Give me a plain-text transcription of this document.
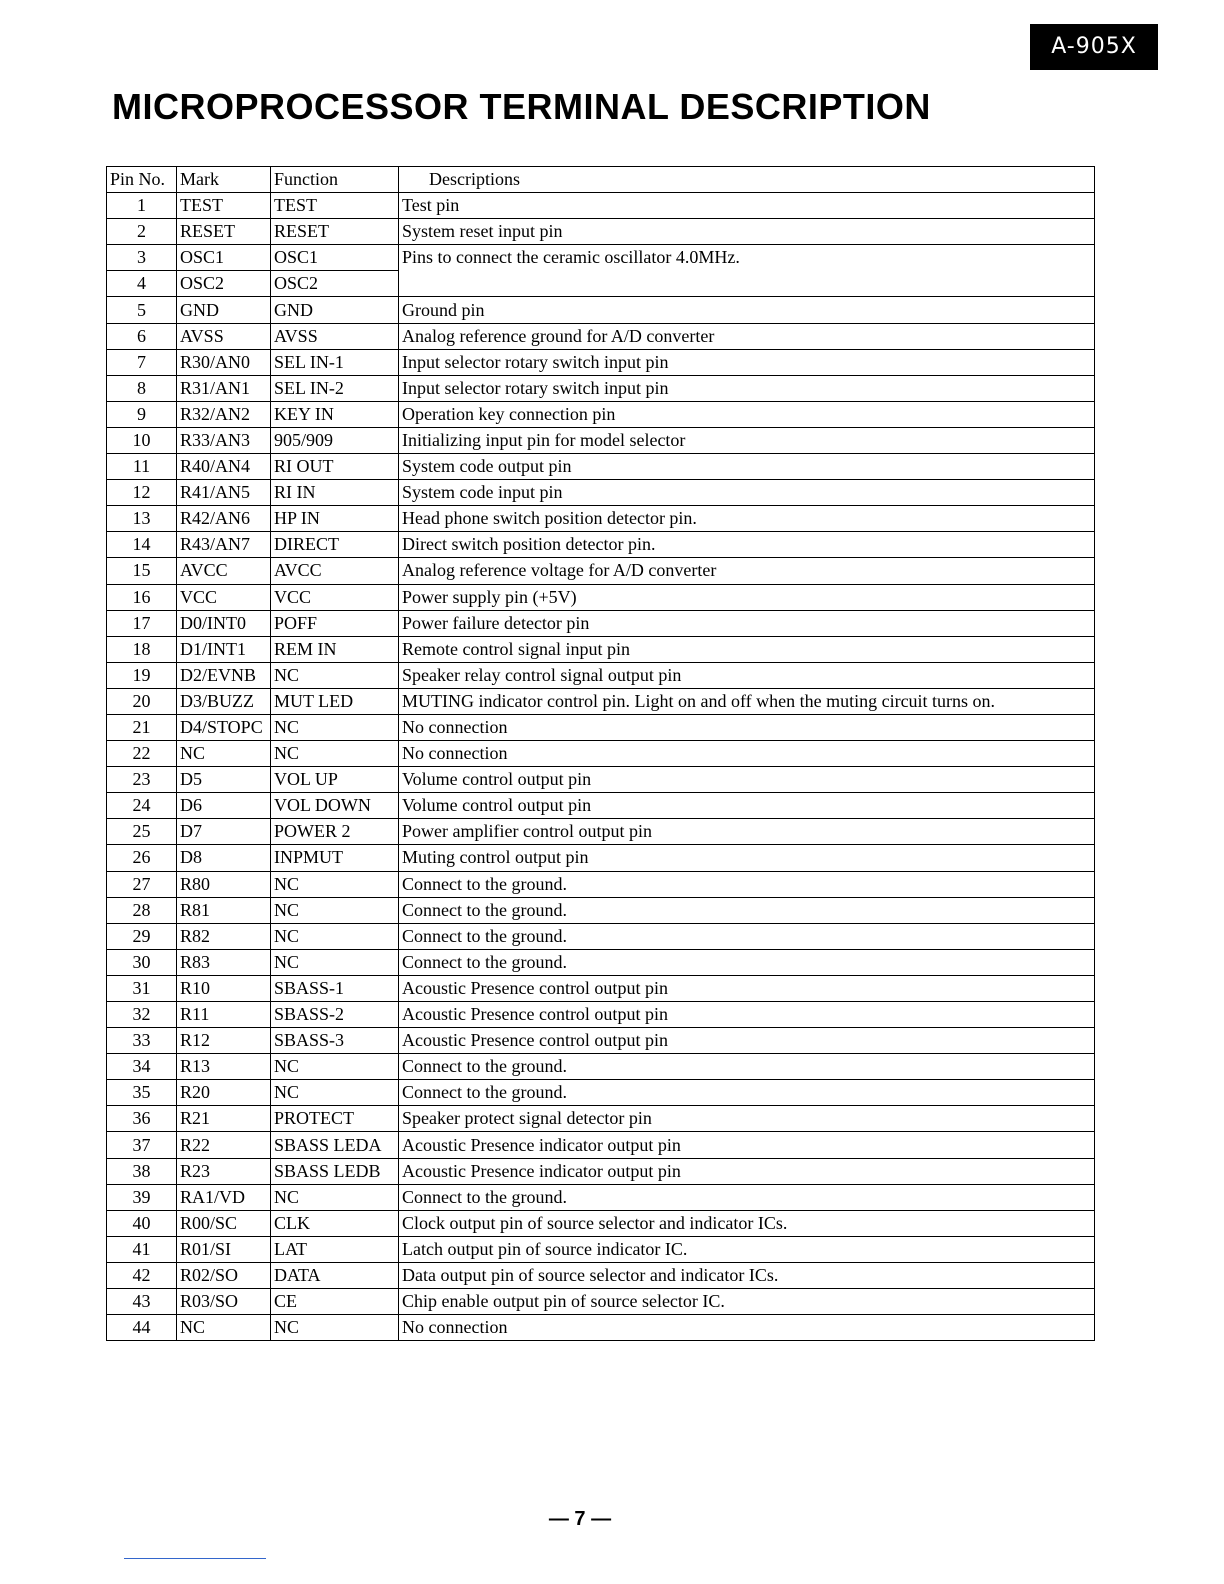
A-905X
MICROPROCESSOR TERMINAL DESCRIPTION
Pin No.	Mark	Function	Descriptions
1	TEST	TEST	Test pin
2	RESET	RESET	System reset input pin
3	OSC1	OSC1	Pins to connect the ceramic oscillator 4.0MHz.
4	OSC2	OSC2	
5	GND	GND	Ground pin
6	AVSS	AVSS	Analog reference ground for A/D converter
7	R30/AN0	SEL IN-1	Input selector rotary switch input pin
8	R31/AN1	SEL IN-2	Input selector rotary switch input pin
9	R32/AN2	KEY IN	Operation key connection pin
10	R33/AN3	905/909	Initializing input pin for model selector
11	R40/AN4	RI OUT	System code output pin
12	R41/AN5	RI IN	System code input pin
13	R42/AN6	HP IN	Head phone switch position detector pin.
14	R43/AN7	DIRECT	Direct switch position detector pin.
15	AVCC	AVCC	Analog reference voltage for A/D converter
16	VCC	VCC	Power supply pin (+5V)
17	D0/INT0	POFF	Power failure detector pin
18	D1/INT1	REM IN	Remote control signal input pin
19	D2/EVNB	NC	Speaker relay control signal output pin
20	D3/BUZZ	MUT LED	MUTING indicator control pin. Light on and off when the muting circuit turns on.
21	D4/STOPC	NC	No connection
22	NC	NC	No connection
23	D5	VOL UP	Volume control output pin
24	D6	VOL DOWN	Volume control output pin
25	D7	POWER 2	Power amplifier control output pin
26	D8	INPMUT	Muting control output pin
27	R80	NC	Connect to the ground.
28	R81	NC	Connect to the ground.
29	R82	NC	Connect to the ground.
30	R83	NC	Connect to the ground.
31	R10	SBASS-1	Acoustic Presence control output pin
32	R11	SBASS-2	Acoustic Presence control output pin
33	R12	SBASS-3	Acoustic Presence control output pin
34	R13	NC	Connect to the ground.
35	R20	NC	Connect to the ground.
36	R21	PROTECT	Speaker protect signal detector pin
37	R22	SBASS LEDA	Acoustic Presence indicator output pin
38	R23	SBASS LEDB	Acoustic Presence indicator output pin
39	RA1/VD	NC	Connect to the ground.
40	R00/SC	CLK	Clock output pin of source selector and indicator ICs.
41	R01/SI	LAT	Latch output pin of source indicator IC.
42	R02/SO	DATA	Data output pin of source selector and indicator ICs.
43	R03/SO	CE	Chip enable output pin of source selector IC.
44	NC	NC	No connection
— 7 —
